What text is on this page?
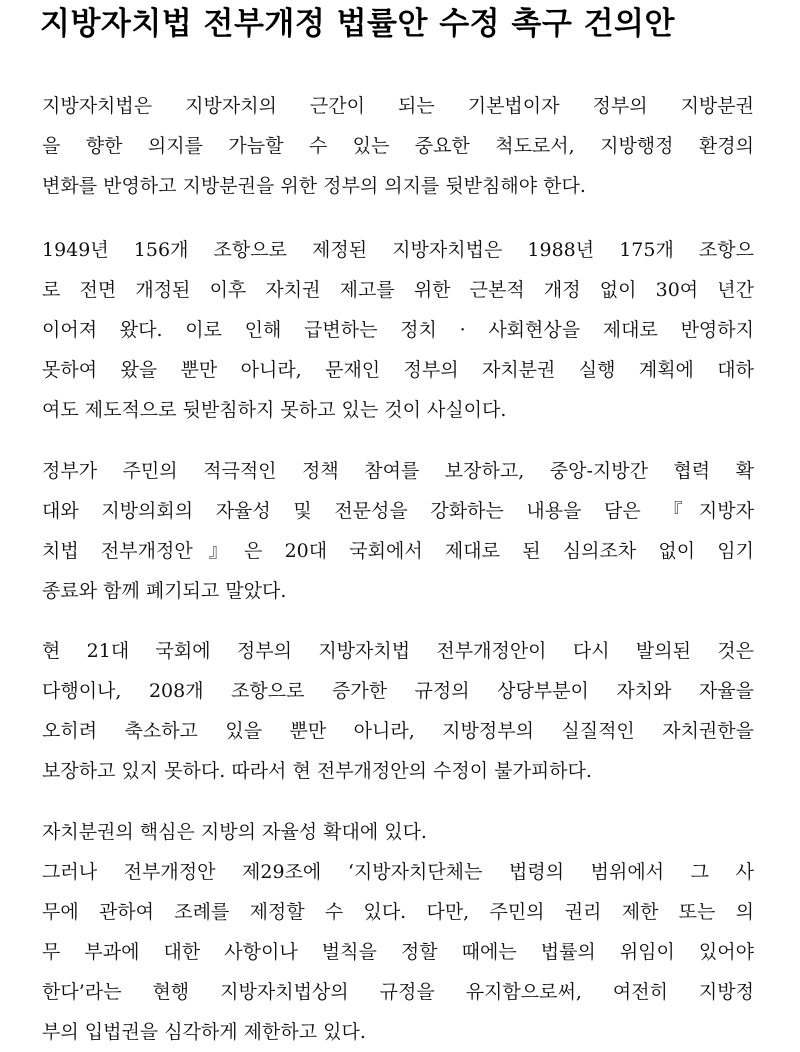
지방자치법 전부개정 법률안 수정 촉구 건의안
지방자치법은 지방자치의 근간이 되는 기본법이자 정부의 지방분권
을 향한 의지를 가늠할 수 있는 중요한 척도로서, 지방행정 환경의
변화를 반영하고 지방분권을 위한 정부의 의지를 뒷받침해야 한다.
1949년 156개 조항으로 제정된 지방자치법은 1988년 175개 조항으
로 전면 개정된 이후 자치권 제고를 위한 근본적 개정 없이 30여 년간
이어져 왔다. 이로 인해 급변하는 정치 · 사회현상을 제대로 반영하지
못하여 왔을 뿐만 아니라, 문재인 정부의 자치분권 실행 계획에 대하
여도 제도적으로 뒷받침하지 못하고 있는 것이 사실이다.
정부가 주민의 적극적인 정책 참여를 보장하고, 중앙-지방간 협력 확
대와 지방의회의 자율성 및 전문성을 강화하는 내용을 담은 『지방자
치법 전부개정안』은 20대 국회에서 제대로 된 심의조차 없이 임기
종료와 함께 폐기되고 말았다.
현 21대 국회에 정부의 지방자치법 전부개정안이 다시 발의된 것은
다행이나, 208개 조항으로 증가한 규정의 상당부분이 자치와 자율을
오히려 축소하고 있을 뿐만 아니라, 지방정부의 실질적인 자치권한을
보장하고 있지 못하다. 따라서 현 전부개정안의 수정이 불가피하다.
자치분권의 핵심은 지방의 자율성 확대에 있다.
그러나 전부개정안 제29조에 ‘지방자치단체는 법령의 범위에서 그 사
무에 관하여 조례를 제정할 수 있다. 다만, 주민의 권리 제한 또는 의
무 부과에 대한 사항이나 벌칙을 정할 때에는 법률의 위임이 있어야
한다’라는 현행 지방자치법상의 규정을 유지함으로써, 여전히 지방정
부의 입법권을 심각하게 제한하고 있다.
